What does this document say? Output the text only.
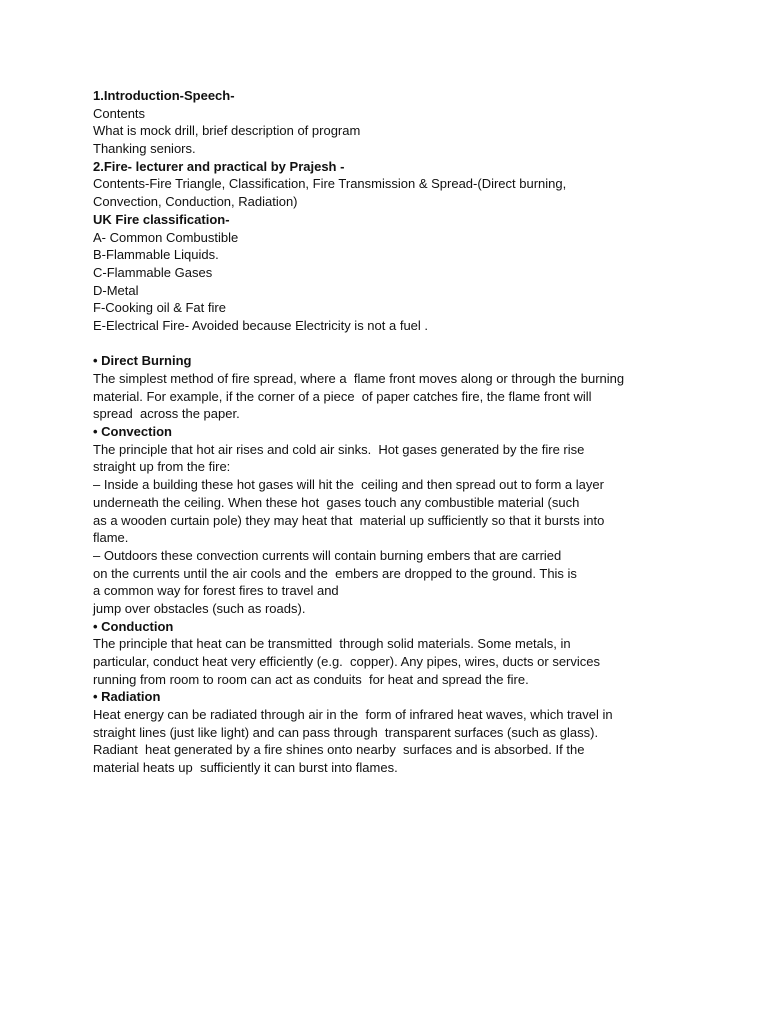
1.Introduction-Speech-
Contents
What is mock drill, brief description of program
Thanking seniors.
2.Fire- lecturer and practical by Prajesh -
Contents-Fire Triangle, Classification, Fire Transmission & Spread-(Direct burning,
Convection, Conduction, Radiation)
UK Fire classification-
A- Common Combustible
B-Flammable Liquids.
C-Flammable Gases
D-Metal
F-Cooking oil & Fat fire
E-Electrical Fire- Avoided because Electricity is not a fuel .
• Direct Burning
The simplest method of fire spread, where a  flame front moves along or through the burning
material. For example, if the corner of a piece  of paper catches fire, the flame front will
spread  across the paper.
• Convection
The principle that hot air rises and cold air sinks.  Hot gases generated by the fire rise
straight up from the fire:
– Inside a building these hot gases will hit the  ceiling and then spread out to form a layer
underneath the ceiling. When these hot  gases touch any combustible material (such
as a wooden curtain pole) they may heat that  material up sufficiently so that it bursts into
flame.
– Outdoors these convection currents will contain burning embers that are carried
on the currents until the air cools and the  embers are dropped to the ground. This is
a common way for forest fires to travel and
jump over obstacles (such as roads).
• Conduction
The principle that heat can be transmitted  through solid materials. Some metals, in
particular, conduct heat very efficiently (e.g.  copper). Any pipes, wires, ducts or services
running from room to room can act as conduits  for heat and spread the fire.
• Radiation
Heat energy can be radiated through air in the  form of infrared heat waves, which travel in
straight lines (just like light) and can pass through  transparent surfaces (such as glass).
Radiant  heat generated by a fire shines onto nearby  surfaces and is absorbed. If the
material heats up  sufficiently it can burst into flames.
